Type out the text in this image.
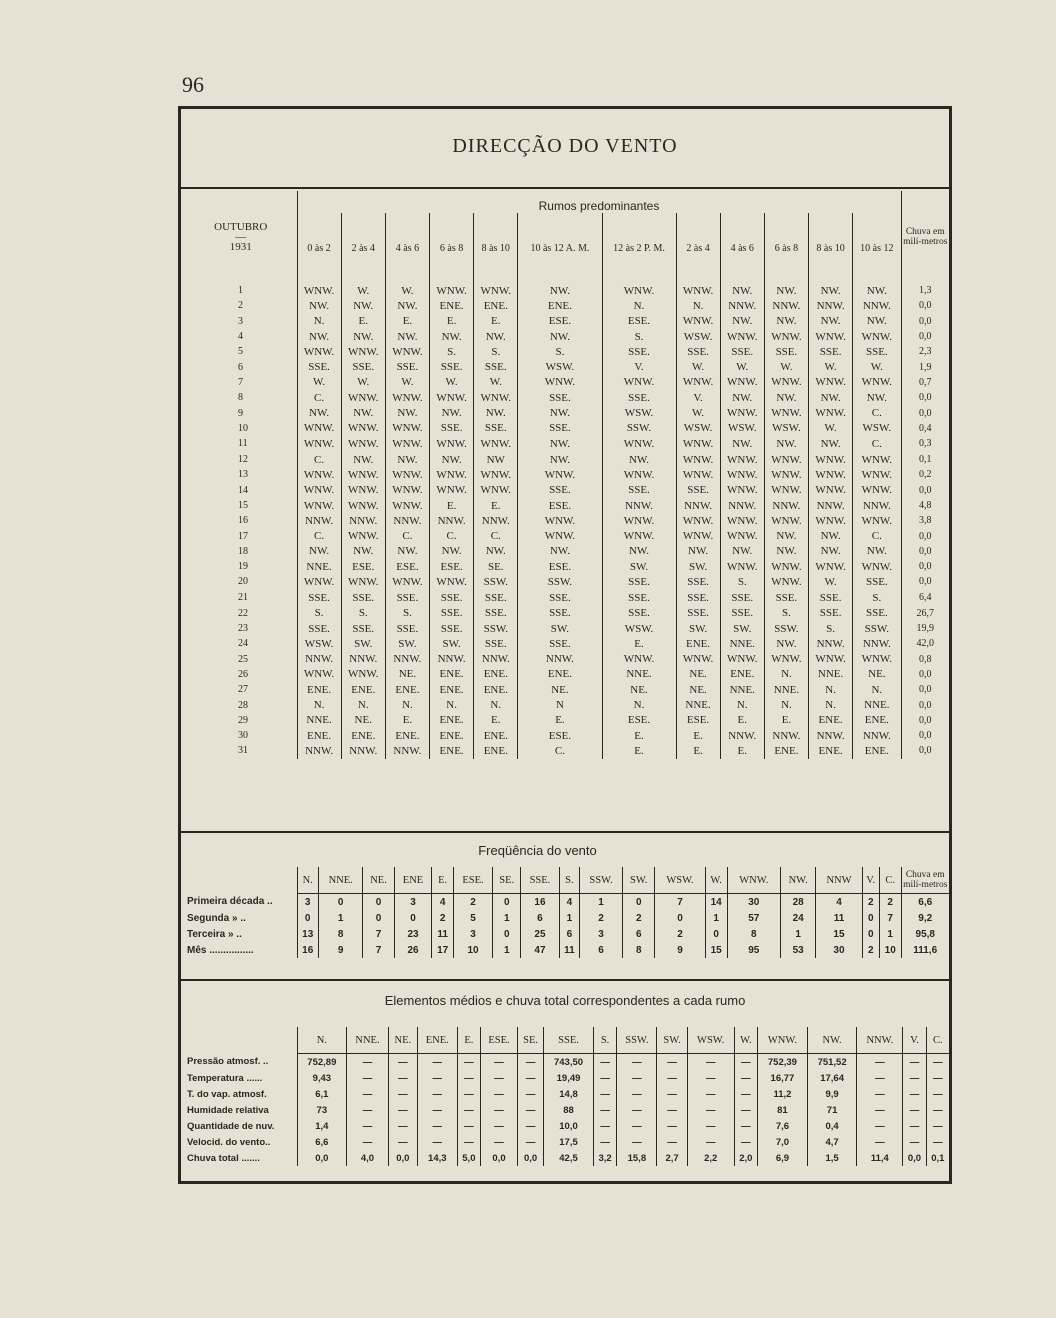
96
DIRECÇÃO DO VENTO
OUTUBRO
—
1931	Rumos predominantes												Chuva em milí-metros
	0 às 2	2 às 4	4 às 6	6 às 8	8 às 10	10 às 12 A. M.	12 às 2 P. M.	2 às 4	4 às 6	6 às 8	8 às 10	10 às 12	
1	WNW.	W.	W.	WNW.	WNW.	NW.	WNW.	WNW.	NW.	NW.	NW.	NW.	1,3
2	NW.	NW.	NW.	ENE.	ENE.	ENE.	N.	N.	NNW.	NNW.	NNW.	NNW.	0,0
3	N.	E.	E.	E.	E.	ESE.	ESE.	WNW.	NW.	NW.	NW.	NW.	0,0
4	NW.	NW.	NW.	NW.	NW.	NW.	S.	WSW.	WNW.	WNW.	WNW.	WNW.	0,0
5	WNW.	WNW.	WNW.	S.	S.	S.	SSE.	SSE.	SSE.	SSE.	SSE.	SSE.	2,3
6	SSE.	SSE.	SSE.	SSE.	SSE.	WSW.	V.	W.	W.	W.	W.	W.	1,9
7	W.	W.	W.	W.	W.	WNW.	WNW.	WNW.	WNW.	WNW.	WNW.	WNW.	0,7
8	C.	WNW.	WNW.	WNW.	WNW.	SSE.	SSE.	V.	NW.	NW.	NW.	NW.	0,0
9	NW.	NW.	NW.	NW.	NW.	NW.	WSW.	W.	WNW.	WNW.	WNW.	C.	0,0
10	WNW.	WNW.	WNW.	SSE.	SSE.	SSE.	SSW.	WSW.	WSW.	WSW.	W.	WSW.	0,4
11	WNW.	WNW.	WNW.	WNW.	WNW.	NW.	WNW.	WNW.	NW.	NW.	NW.	C.	0,3
12	C.	NW.	NW.	NW.	NW	NW.	NW.	WNW.	WNW.	WNW.	WNW.	WNW.	0,1
13	WNW.	WNW.	WNW.	WNW.	WNW.	WNW.	WNW.	WNW.	WNW.	WNW.	WNW.	WNW.	0,2
14	WNW.	WNW.	WNW.	WNW.	WNW.	SSE.	SSE.	SSE.	WNW.	WNW.	WNW.	WNW.	0,0
15	WNW.	WNW.	WNW.	E.	E.	ESE.	NNW.	NNW.	NNW.	NNW.	NNW.	NNW.	4,8
16	NNW.	NNW.	NNW.	NNW.	NNW.	WNW.	WNW.	WNW.	WNW.	WNW.	WNW.	WNW.	3,8
17	C.	WNW.	C.	C.	C.	WNW.	WNW.	WNW.	WNW.	NW.	NW.	C.	0,0
18	NW.	NW.	NW.	NW.	NW.	NW.	NW.	NW.	NW.	NW.	NW.	NW.	0,0
19	NNE.	ESE.	ESE.	ESE.	SE.	ESE.	SW.	SW.	WNW.	WNW.	WNW.	WNW.	0,0
20	WNW.	WNW.	WNW.	WNW.	SSW.	SSW.	SSE.	SSE.	S.	WNW.	W.	SSE.	0,0
21	SSE.	SSE.	SSE.	SSE.	SSE.	SSE.	SSE.	SSE.	SSE.	SSE.	SSE.	S.	6,4
22	S.	S.	S.	SSE.	SSE.	SSE.	SSE.	SSE.	SSE.	S.	SSE.	SSE.	26,7
23	SSE.	SSE.	SSE.	SSE.	SSW.	SW.	WSW.	SW.	SW.	SSW.	S.	SSW.	19,9
24	WSW.	SW.	SW.	SW.	SSE.	SSE.	E.	ENE.	NNE.	NW.	NNW.	NNW.	42,0
25	NNW.	NNW.	NNW.	NNW.	NNW.	NNW.	WNW.	WNW.	WNW.	WNW.	WNW.	WNW.	0,8
26	WNW.	WNW.	NE.	ENE.	ENE.	ENE.	NNE.	NE.	ENE.	N.	NNE.	NE.	0,0
27	ENE.	ENE.	ENE.	ENE.	ENE.	NE.	NE.	NE.	NNE.	NNE.	N.	N.	0,0
28	N.	N.	N.	N.	N.	N	N.	NNE.	N.	N.	N.	NNE.	0,0
29	NNE.	NE.	E.	ENE.	E.	E.	ESE.	ESE.	E.	E.	ENE.	ENE.	0,0
30	ENE.	ENE.	ENE.	ENE.	ENE.	ESE.	E.	E.	NNW.	NNW.	NNW.	NNW.	0,0
31	NNW.	NNW.	NNW.	ENE.	ENE.	C.	E.	E.	E.	ENE.	ENE.	ENE.	0,0
Freqüência do vento
	N.	NNE.	NE.	ENE	E.	ESE.	SE.	SSE.	S.	SSW.	SW.	WSW.	W.	WNW.	NW.	NNW	V.	C.	Chuva em milí-metros
Primeira década ..	3	0	0	3	4	2	0	16	4	1	0	7	14	30	28	4	2	2	6,6
Segunda » ..	0	1	0	0	2	5	1	6	1	2	2	0	1	57	24	11	0	7	9,2
Terceira » ..	13	8	7	23	11	3	0	25	6	3	6	2	0	8	1	15	0	1	95,8
Mês ................	16	9	7	26	17	10	1	47	11	6	8	9	15	95	53	30	2	10	111,6
Elementos médios e chuva total correspondentes a cada rumo
	N.	NNE.	NE.	ENE.	E.	ESE.	SE.	SSE.	S.	SSW.	SW.	WSW.	W.	WNW.	NW.	NNW.	V.	C.
Pressão atmosf. ..	752,89	—	—	—	—	—	—	743,50	—	—	—	—	—	752,39	751,52	—	—	—
Temperatura ......	9,43	—	—	—	—	—	—	19,49	—	—	—	—	—	16,77	17,64	—	—	—
T. do vap. atmosf.	6,1	—	—	—	—	—	—	14,8	—	—	—	—	—	11,2	9,9	—	—	—
Humidade relativa	73	—	—	—	—	—	—	88	—	—	—	—	—	81	71	—	—	—
Quantidade de nuv.	1,4	—	—	—	—	—	—	10,0	—	—	—	—	—	7,6	0,4	—	—	—
Velocid. do vento..	6,6	—	—	—	—	—	—	17,5	—	—	—	—	—	7,0	4,7	—	—	—
Chuva total .......	0,0	4,0	0,0	14,3	5,0	0,0	0,0	42,5	3,2	15,8	2,7	2,2	2,0	6,9	1,5	11,4	0,0	0,1
